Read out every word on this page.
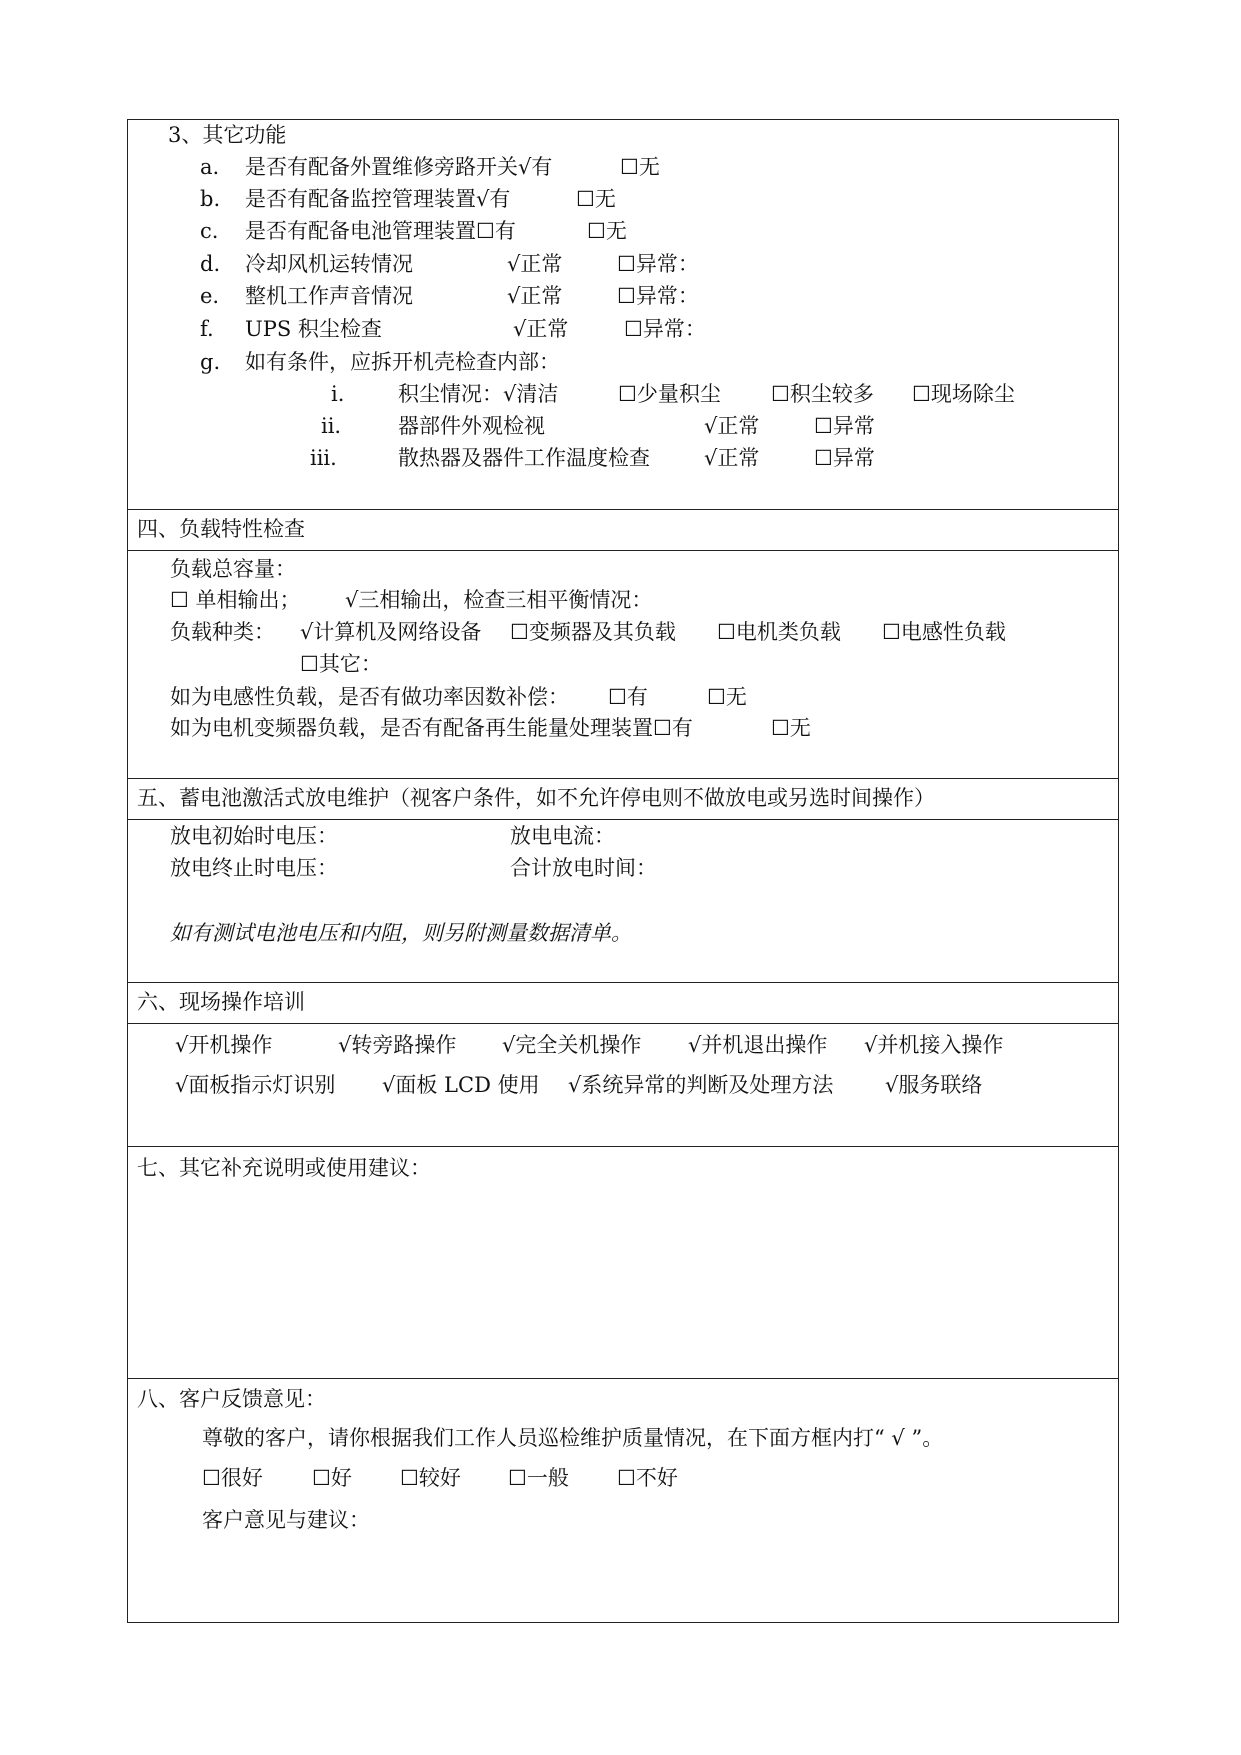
3、其它功能
a. 是否有配备外置维修旁路开关√有	☐无
b. 是否有配备监控管理装置√有	☐无
c. 是否有配备电池管理装置☐有	☐无
d. 冷却风机运转情况	√正常	☐异常：
e. 整机工作声音情况	√正常	☐异常：
f. UPS 积尘检查	√正常	☐异常：
g. 如有条件，应拆开机壳检查内部：
i.	积尘情况：√清洁	☐少量积尘 ☐积尘较多 ☐现场除尘
ii.	器部件外观检视	√正常	☐异常
iii.	散热器及器件工作温度检查	√正常	☐异常
四、负载特性检查
负载总容量：
☐ 单相输出； √三相输出，检查三相平衡情况：
负载种类： √计算机及网络设备 ☐变频器及其负载 ☐电机类负载 ☐电感性负载
☐其它：
如为电感性负载，是否有做功率因数补偿： ☐有	☐无
如为电机变频器负载，是否有配备再生能量处理装置☐有	☐无
五、蓄电池激活式放电维护（视客户条件，如不允许停电则不做放电或另选时间操作）
放电初始时电压：	放电电流：
放电终止时电压：	合计放电时间：
如有测试电池电压和内阻，则另附测量数据清单。
六、现场操作培训
√开机操作	√转旁路操作 √完全关机操作 √并机退出操作 √并机接入操作
√面板指示灯识别 √面板 LCD 使用 √系统异常的判断及处理方法 √服务联络
七、其它补充说明或使用建议：
八、客户反馈意见：
尊敬的客户，请你根据我们工作人员巡检维护质量情况，在下面方框内打“ √ ”。
☐很好 ☐好 ☐较好 ☐一般 ☐不好
客户意见与建议：
